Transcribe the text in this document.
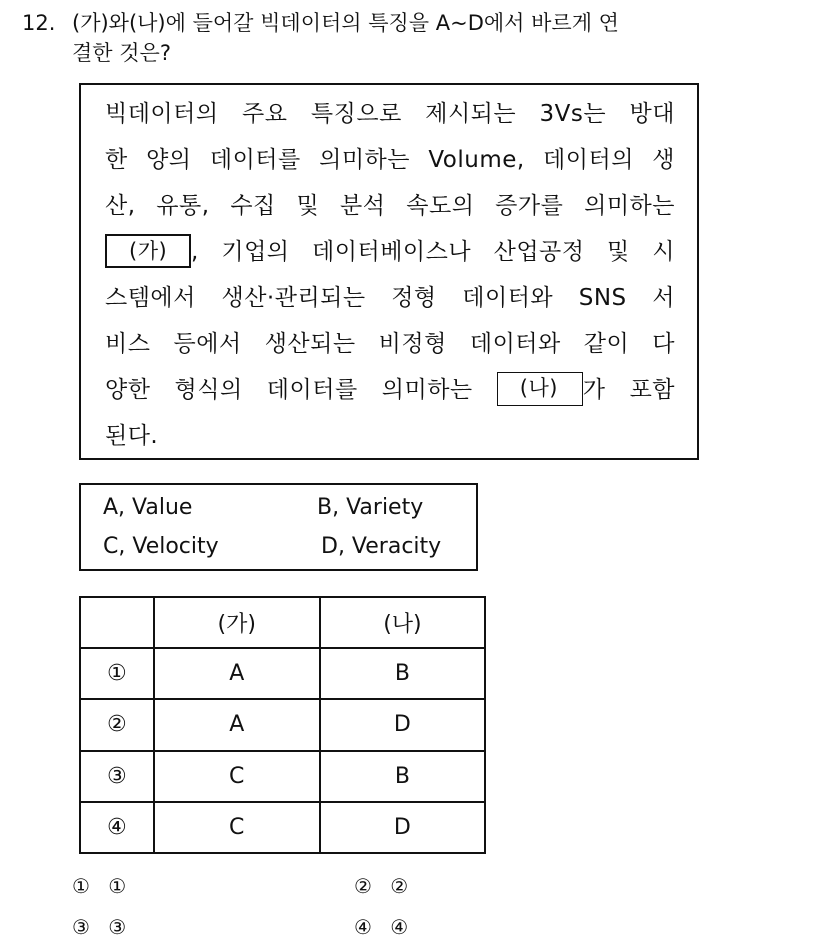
12. (가)와(나)에 들어갈 빅데이터의 특징을 A~D에서 바르게 연
결한 것은?
빅데이터의 주요 특징으로 제시되는 3Vs는 방대
한 양의 데이터를 의미하는 Volume, 데이터의 생
산, 유통, 수집 및 분석 속도의 증가를 의미하는
(가) , 기업의 데이터베이스나 산업공정 및 시
스템에서 생산·관리되는 정형 데이터와 SNS 서
비스 등에서 생산되는 비정형 데이터와 같이 다
양한 형식의 데이터를 의미하는 (나) 가 포함
된다.
A, Value	B, Variety
C, Velocity	D, Veracity
	(가)	(나)
①	A	B
②	A	D
③	C	B
④	C	D
① ①	② ②
③ ③	④ ④
